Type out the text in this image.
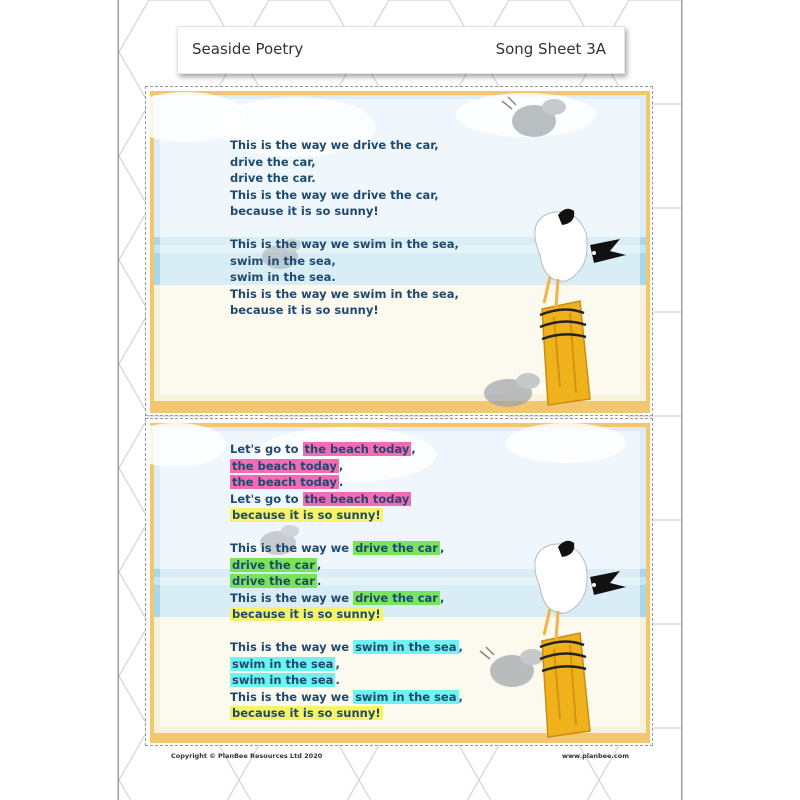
Seaside Poetry	Song Sheet 3A
This is the way we drive the car,
drive the car,
drive the car.
This is the way we drive the car,
because it is so sunny!
This is the way we swim in the sea,
swim in the sea,
swim in the sea.
This is the way we swim in the sea,
because it is so sunny!
Let's go to the beach today ,
the beach today ,
the beach today .
Let's go to the beach today
because it is so sunny!
This is the way we drive the car ,
drive the car ,
drive the car .
This is the way we drive the car ,
because it is so sunny!
This is the way we swim in the sea ,
swim in the sea ,
swim in the sea .
This is the way we swim in the sea ,
because it is so sunny!
Copyright © PlanBee Resources Ltd 2020	www.planbee.com
